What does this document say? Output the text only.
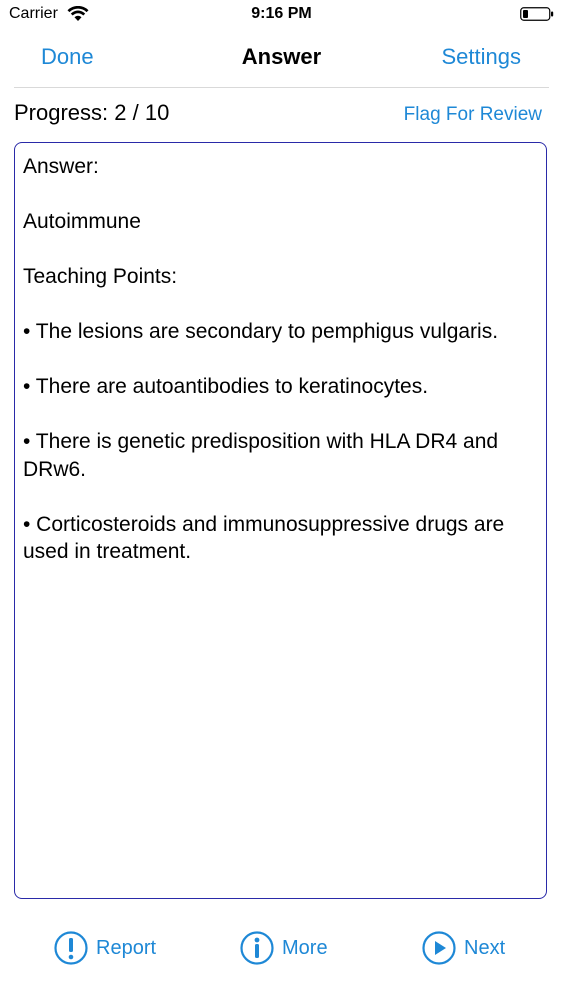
Carrier	9:16 PM
Done	Answer	Settings
Progress: 2 / 10	Flag For Review

Answer:

Autoimmune

Teaching Points:

• The lesions are secondary to pemphigus vulgaris.

• There are autoantibodies to keratinocytes.

• There is genetic predisposition with HLA DR4 and DRw6.

• Corticosteroids and immunosuppressive drugs are used in treatment.

Report	More	Next
